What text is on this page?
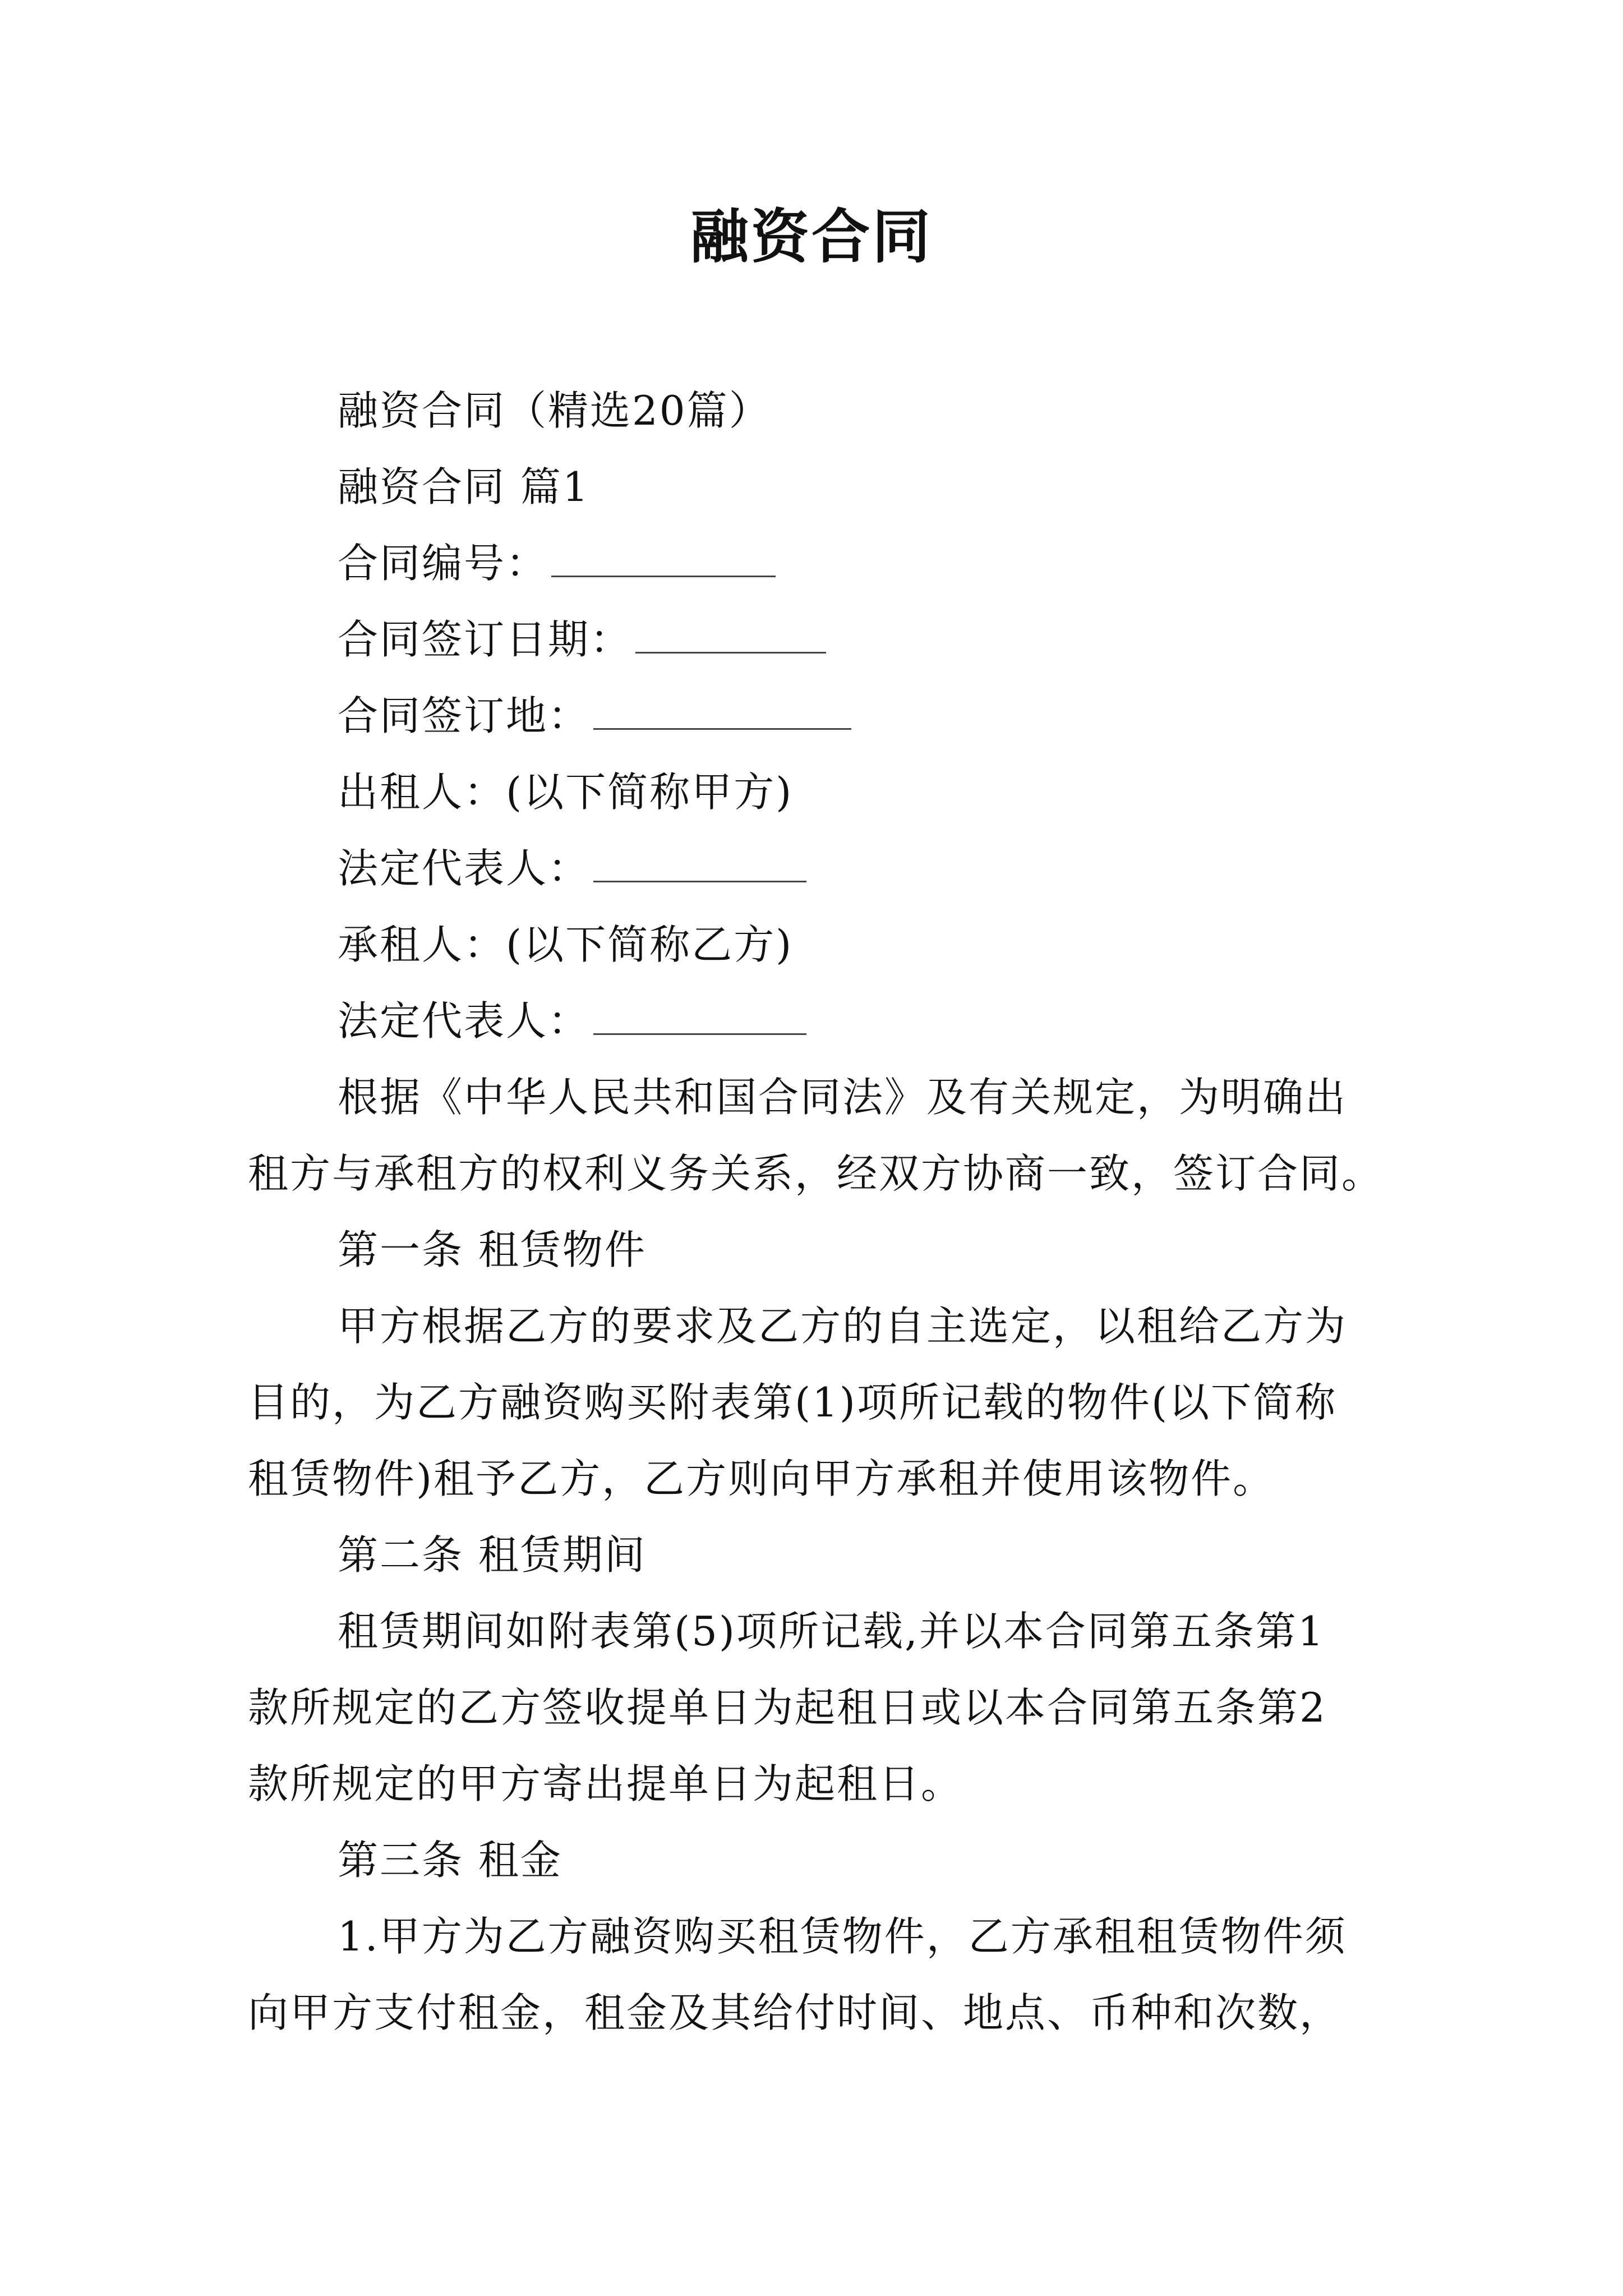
融资合同
融资合同（精选20篇）
融资合同 篇1
合同编号：
合同签订日期：
合同签订地：
出租人：(以下简称甲方)
法定代表人：
承租人：(以下简称乙方)
法定代表人：
根据《中华人民共和国合同法》及有关规定，为明确出
租方与承租方的权利义务关系，经双方协商一致，签订合同。
第一条 租赁物件
甲方根据乙方的要求及乙方的自主选定，以租给乙方为
目的，为乙方融资购买附表第(1)项所记载的物件(以下简称
租赁物件)租予乙方，乙方则向甲方承租并使用该物件。
第二条 租赁期间
租赁期间如附表第(5)项所记载,并以本合同第五条第1
款所规定的乙方签收提单日为起租日或以本合同第五条第2
款所规定的甲方寄出提单日为起租日。
第三条 租金
1.甲方为乙方融资购买租赁物件，乙方承租租赁物件须
向甲方支付租金，租金及其给付时间、地点、币种和次数，
